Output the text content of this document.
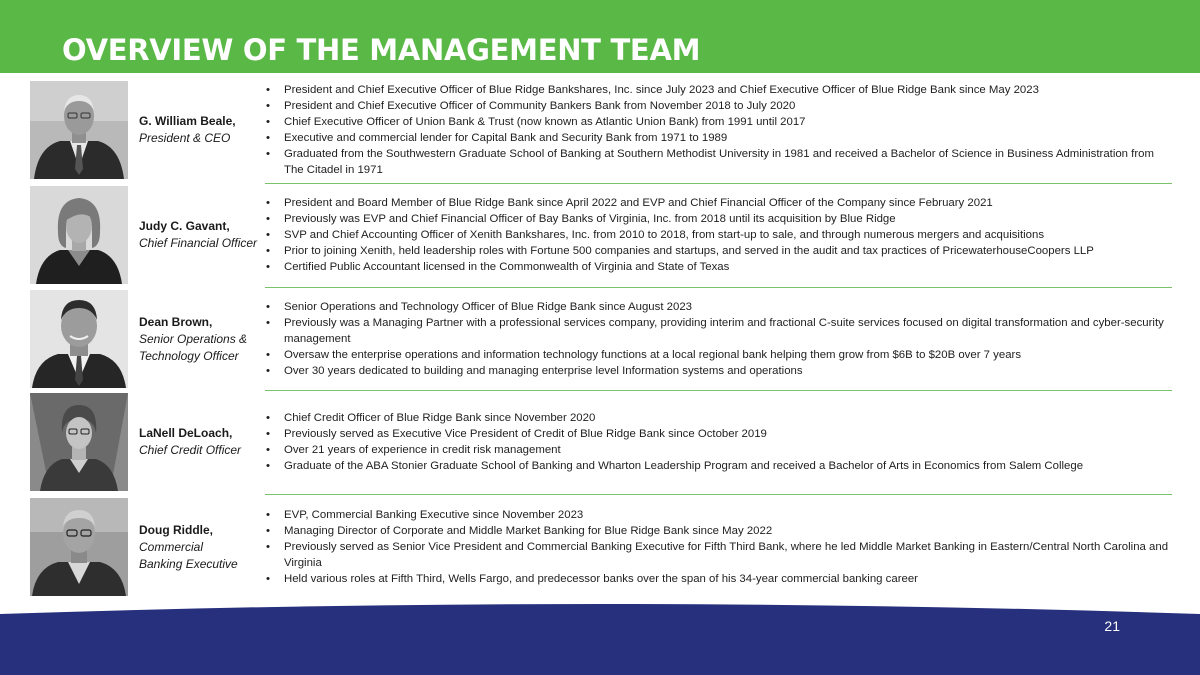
OVERVIEW OF THE MANAGEMENT TEAM
G. William Beale,
President & CEO
• President and Chief Executive Officer of Blue Ridge Bankshares, Inc. since July 2023 and Chief Executive Officer of Blue Ridge Bank since May 2023
• President and Chief Executive Officer of Community Bankers Bank from November 2018 to July 2020
• Chief Executive Officer of Union Bank & Trust (now known as Atlantic Union Bank) from 1991 until 2017
• Executive and commercial lender for Capital Bank and Security Bank from 1971 to 1989
• Graduated from the Southwestern Graduate School of Banking at Southern Methodist University in 1981 and received a Bachelor of Science in Business Administration from The Citadel in 1971
Judy C. Gavant,
Chief Financial Officer
• President and Board Member of Blue Ridge Bank since April 2022 and EVP and Chief Financial Officer of the Company since February 2021
• Previously was EVP and Chief Financial Officer of Bay Banks of Virginia, Inc. from 2018 until its acquisition by Blue Ridge
• SVP and Chief Accounting Officer of Xenith Bankshares, Inc. from 2010 to 2018, from start-up to sale, and through numerous mergers and acquisitions
• Prior to joining Xenith, held leadership roles with Fortune 500 companies and startups, and served in the audit and tax practices of PricewaterhouseCoopers LLP
• Certified Public Accountant licensed in the Commonwealth of Virginia and State of Texas
Dean Brown,
Senior Operations &
Technology Officer
• Senior Operations and Technology Officer of Blue Ridge Bank since August 2023
• Previously was a Managing Partner with a professional services company, providing interim and fractional C-suite services focused on digital transformation and cyber-security management
• Oversaw the enterprise operations and information technology functions at a local regional bank helping them grow from $6B to $20B over 7 years
• Over 30 years dedicated to building and managing enterprise level Information systems and operations
LaNell DeLoach,
Chief Credit Officer
• Chief Credit Officer of Blue Ridge Bank since November 2020
• Previously served as Executive Vice President of Credit of Blue Ridge Bank since October 2019
• Over 21 years of experience in credit risk management
• Graduate of the ABA Stonier Graduate School of Banking and Wharton Leadership Program and received a Bachelor of Arts in Economics from Salem College
Doug Riddle,
Commercial
Banking Executive
• EVP, Commercial Banking Executive since November 2023
• Managing Director of Corporate and Middle Market Banking for Blue Ridge Bank since May 2022
• Previously served as Senior Vice President and Commercial Banking Executive for Fifth Third Bank, where he led Middle Market Banking in Eastern/Central North Carolina and Virginia
• Held various roles at Fifth Third, Wells Fargo, and predecessor banks over the span of his 34-year commercial banking career
21
